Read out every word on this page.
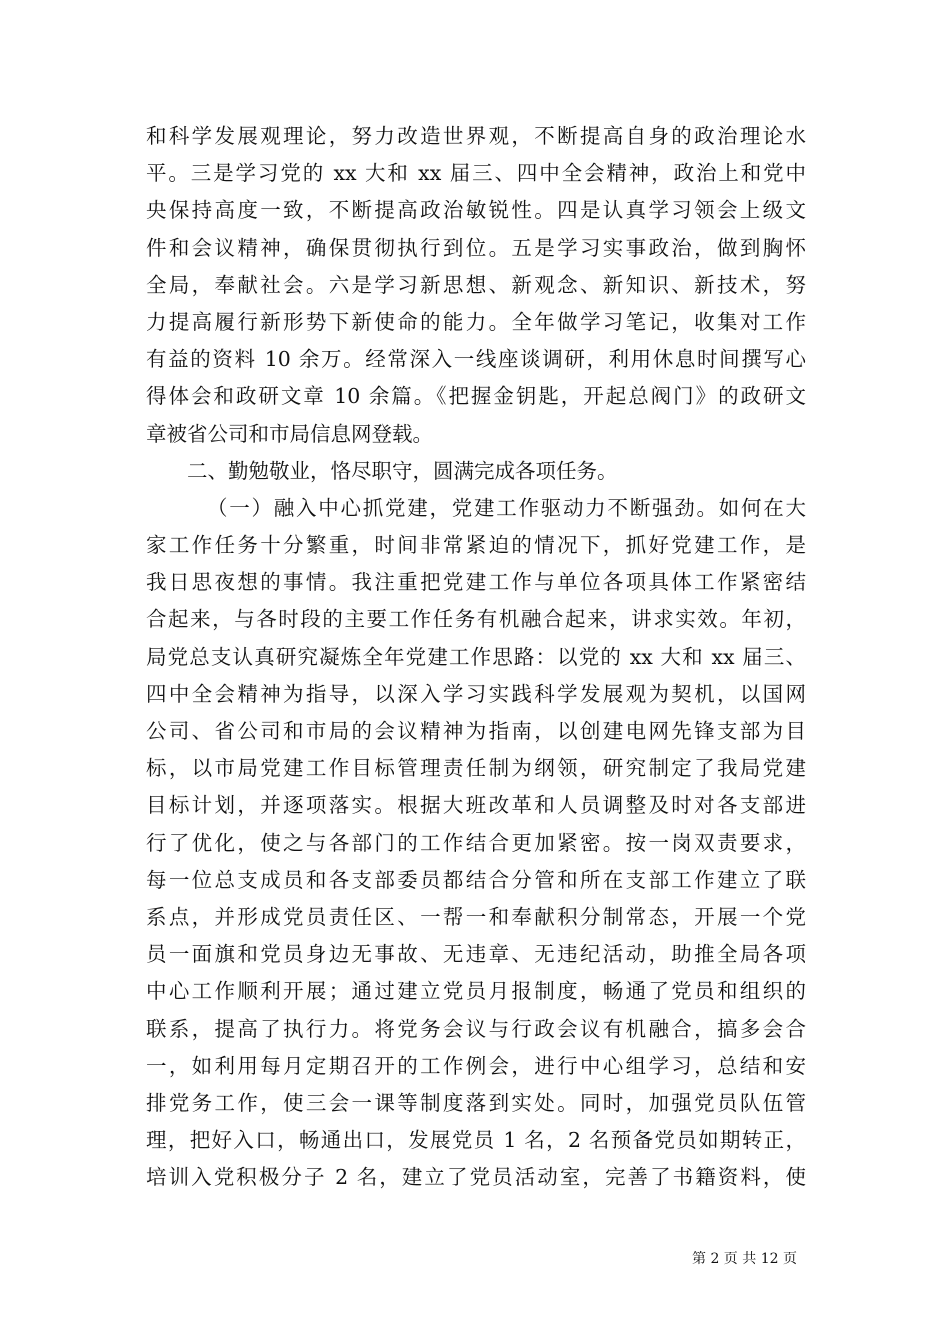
和科学发展观理论，努力改造世界观，不断提高自身的政治理论水
平。三是学习党的 xx 大和 xx 届三、四中全会精神，政治上和党中
央保持高度一致，不断提高政治敏锐性。四是认真学习领会上级文
件和会议精神，确保贯彻执行到位。五是学习实事政治，做到胸怀
全局，奉献社会。六是学习新思想、新观念、新知识、新技术，努
力提高履行新形势下新使命的能力。全年做学习笔记，收集对工作
有益的资料 10 余万。经常深入一线座谈调研，利用休息时间撰写心
得体会和政研文章 10 余篇。《把握金钥匙，开起总阀门》的政研文
章被省公司和市局信息网登载。
二、勤勉敬业，恪尽职守，圆满完成各项任务。
（一）融入中心抓党建，党建工作驱动力不断强劲。如何在大
家工作任务十分繁重，时间非常紧迫的情况下，抓好党建工作，是
我日思夜想的事情。我注重把党建工作与单位各项具体工作紧密结
合起来，与各时段的主要工作任务有机融合起来，讲求实效。年初，
局党总支认真研究凝炼全年党建工作思路：以党的 xx 大和 xx 届三、
四中全会精神为指导，以深入学习实践科学发展观为契机，以国网
公司、省公司和市局的会议精神为指南，以创建电网先锋支部为目
标，以市局党建工作目标管理责任制为纲领，研究制定了我局党建
目标计划，并逐项落实。根据大班改革和人员调整及时对各支部进
行了优化，使之与各部门的工作结合更加紧密。按一岗双责要求，
每一位总支成员和各支部委员都结合分管和所在支部工作建立了联
系点，并形成党员责任区、一帮一和奉献积分制常态，开展一个党
员一面旗和党员身边无事故、无违章、无违纪活动，助推全局各项
中心工作顺利开展；通过建立党员月报制度，畅通了党员和组织的
联系，提高了执行力。将党务会议与行政会议有机融合，搞多会合
一，如利用每月定期召开的工作例会，进行中心组学习，总结和安
排党务工作，使三会一课等制度落到实处。同时，加强党员队伍管
理，把好入口，畅通出口，发展党员 1 名，2 名预备党员如期转正，
培训入党积极分子 2 名，建立了党员活动室，完善了书籍资料，使
第 2 页 共 12 页
